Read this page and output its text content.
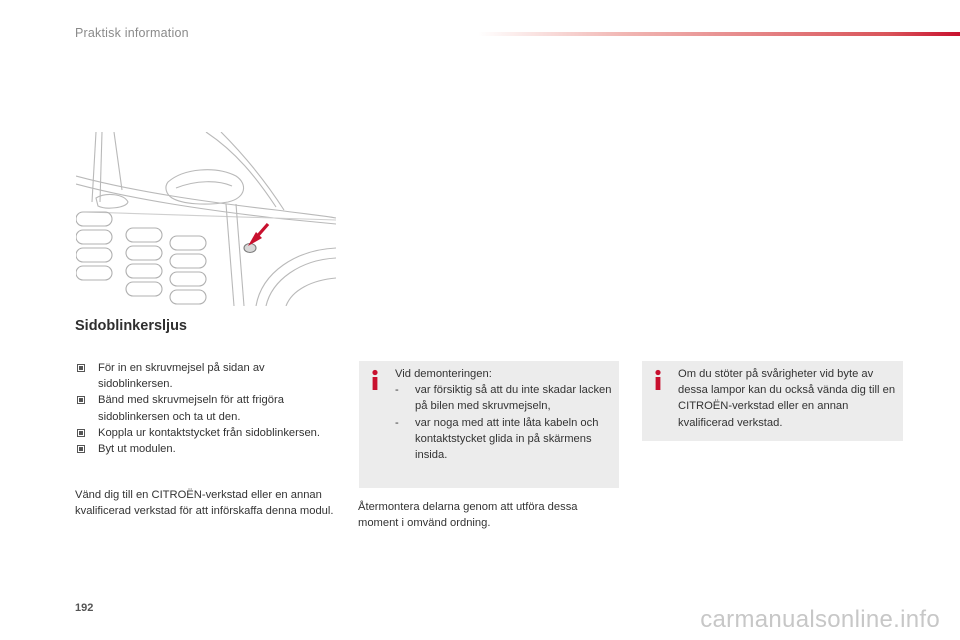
Praktisk information
Sidoblinkersljus
För in en skruvmejsel på sidan av sidoblinkersen.
Bänd med skruvmejseln för att frigöra sidoblinkersen och ta ut den.
Koppla ur kontaktstycket från sidoblinkersen.
Byt ut modulen.
Vänd dig till en CITROËN-verkstad eller en annan kvalificerad verkstad för att införskaffa denna modul.
Vid demonteringen:
- var försiktig så att du inte skadar lacken på bilen med skruvmejseln,
- var noga med att inte låta kabeln och kontaktstycket glida in på skärmens insida.
Återmontera delarna genom att utföra dessa moment i omvänd ordning.
Om du stöter på svårigheter vid byte av dessa lampor kan du också vända dig till en CITROËN-verkstad eller en annan kvalificerad verkstad.
192	carmanualsonline.info
